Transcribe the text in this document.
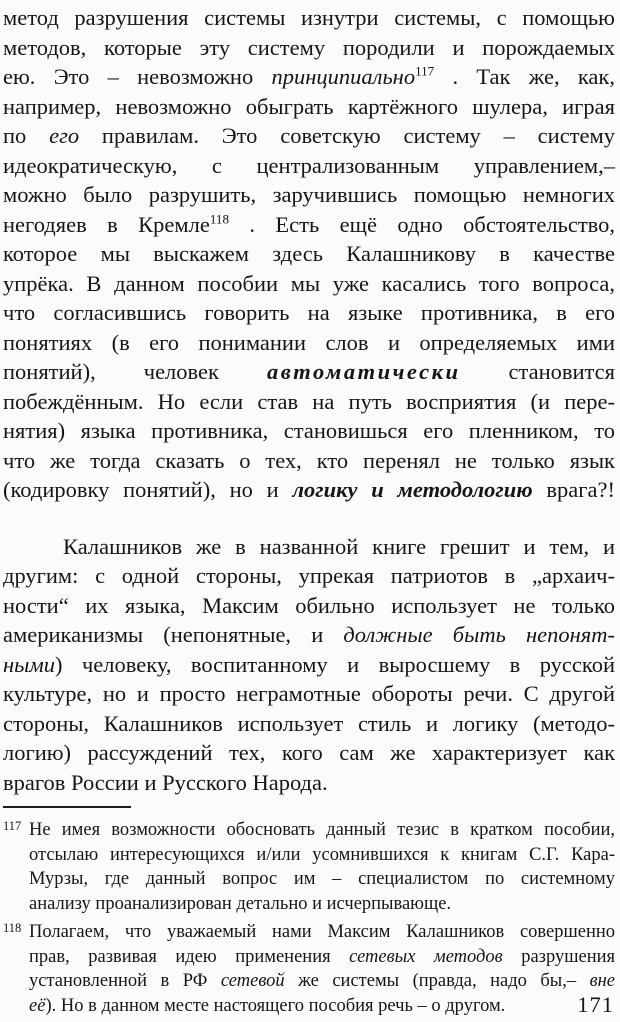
метод разрушения системы изнутри системы, с помощью
методов, которые эту систему породили и порождаемых
ею. Это – невозможно принципиально$^{117}$ . Так же, как,
например, невозможно обыграть картёжного шулера, играя
по его правилам. Это советскую систему – систему
идеократическую, с централизованным управлением,–
можно было разрушить, заручившись помощью немногих
негодяев в Кремле$^{118}$ . Есть ещё одно обстоятельство,
которое мы выскажем здесь Калашникову в качестве
упрёка. В данном пособии мы уже касались того вопроса,
что согласившись говорить на языке противника, в его
понятиях (в его понимании слов и определяемых ими
понятий), человек автоматически становится
побеждённым. Но если став на путь восприятия (и пере-
нятия) языка противника, становишься его пленником, то
что же тогда сказать о тех, кто перенял не только язык
(кодировку понятий), но и логику и методологию врага?!
Калашников же в названной книге грешит и тем, и
другим: с одной стороны, упрекая патриотов в „архаич-
ности“ их языка, Максим обильно использует не только
американизмы (непонятные, и должные быть непонят-
ными) человеку, воспитанному и выросшему в русской
культуре, но и просто неграмотные обороты речи. С другой
стороны, Калашников использует стиль и логику (методо-
логию) рассуждений тех, кого сам же характеризует как
врагов России и Русского Народа.
117 Не имея возможности обосновать данный тезис в кратком пособии,
отсылаю интересующихся и/или усомнившихся к книгам С.Г. Кара-
Мурзы, где данный вопрос им – специалистом по системному
анализу проанализирован детально и исчерпывающе.
118 Полагаем, что уважаемый нами Максим Калашников совершенно
прав, развивая идею применения сетевых методов разрушения
установленной в РФ сетевой же системы (правда, надо бы,– вне
её). Но в данном месте настоящего пособия речь – о другом.	171
